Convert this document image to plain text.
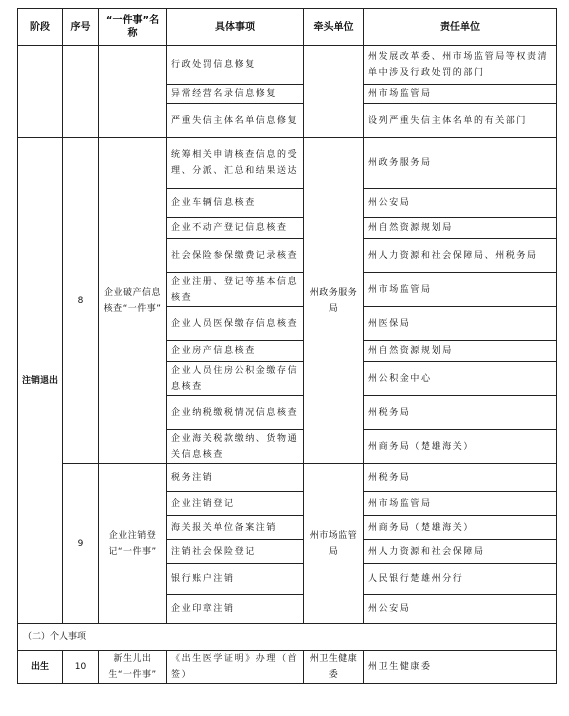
阶段	序号	“一件事”名称	具体事项	牵头单位	责任单位
			行政处罚信息修复		州发展改革委、州市场监管局等权责清单中涉及行政处罚的部门
			异常经营名录信息修复		州市场监管局
			严重失信主体名单信息修复		设列严重失信主体名单的有关部门
注销退出	8	企业破产信息核查“一件事”	统筹相关申请核查信息的受理、分派、汇总和结果送达	州政务服务局	州政务服务局
			企业车辆信息核查		州公安局
			企业不动产登记信息核查		州自然资源规划局
			社会保险参保缴费记录核查		州人力资源和社会保障局、州税务局
			企业注册、登记等基本信息核查		州市场监管局
			企业人员医保缴存信息核查		州医保局
			企业房产信息核查		州自然资源规划局
			企业人员住房公积金缴存信息核查		州公积金中心
			企业纳税缴税情况信息核查		州税务局
			企业海关税款缴纳、货物通关信息核查		州商务局（楚雄海关）
	9	企业注销登记“一件事”	税务注销	州市场监管局	州税务局
			企业注销登记		州市场监管局
			海关报关单位备案注销		州商务局（楚雄海关）
			注销社会保险登记		州人力资源和社会保障局
			银行账户注销		人民银行楚雄州分行
			企业印章注销		州公安局
（二）个人事项					
出生	10	新生儿出生“一件事”	《出生医学证明》办理（首签）	州卫生健康委	州卫生健康委
